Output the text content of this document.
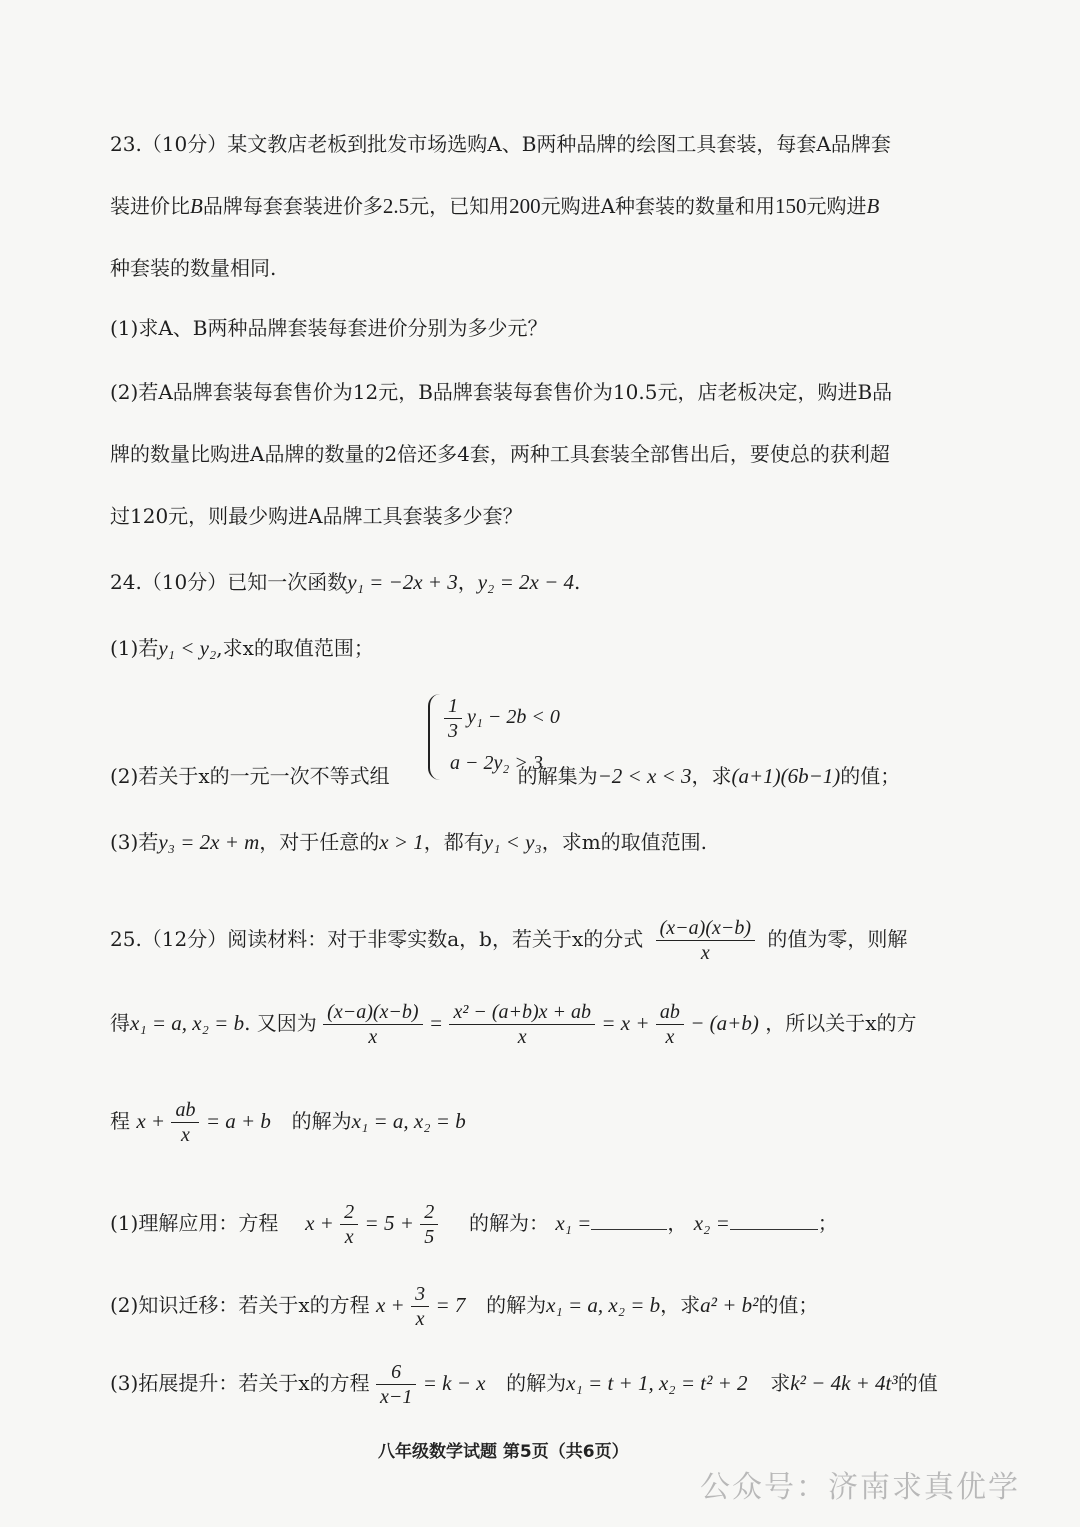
23.（10分）某文教店老板到批发市场选购A、B两种品牌的绘图工具套装，每套A品牌套
装进价比B品牌每套套装进价多2.5元，已知用200元购进A种套装的数量和用150元购进B
种套装的数量相同.
(1)求A、B两种品牌套装每套进价分别为多少元？
(2)若A品牌套装每套售价为12元，B品牌套装每套售价为10.5元，店老板决定，购进B品
牌的数量比购进A品牌的数量的2倍还多4套，两种工具套装全部售出后，要使总的获利超
过120元，则最少购进A品牌工具套装多少套？
24.（10分）已知一次函数y₁ = −2x + 3，y₂ = 2x − 4.
(1)若y₁ < y₂,求x的取值范围；
$\frac{1}{3} y_1 - 2b < 0$
a − 2y₂ > 3
(2)若关于x的一元一次不等式组	的解集为−2 < x < 3，求(a+1)(6b−1)的值；
(3)若y₃ = 2x + m，对于任意的x > 1，都有y₁ < y₃，求m的取值范围.
25.（12分）阅读材料：对于非零实数a，b，若关于x的分式 $\frac{(x-a)(x-b)}{x}$ 的值为零，则解
得x₁ = a, x₂ = b. 又因为 $\frac{(x-a)(x-b)}{x} = \frac{\text{x² − (a+b)x + ab}}{x} = x + \frac{ab}{x} - (a+b)$ ，所以关于x的方
程 $x + \frac{ab}{x} = a + b$ 的解为x₁ = a, x₂ = b
(1)理解应用：方程 $x + \frac{2}{x} = 5 + \frac{2}{5}$ 的解为： x₁ =	， x₂ =	；
(2)知识迁移：若关于x的方程 $x + \frac{3}{x} = 7$ 的解为x₁ = a, x₂ = b，求a² + b²的值；
(3)拓展提升：若关于x的方程 $\frac{6}{x-1} = k - x$ 的解为x₁ = t + 1, x₂ = t² + 2 求k² − 4k + 4t³的值
八年级数学试题 第5页（共6页）
公众号：济南求真优学
